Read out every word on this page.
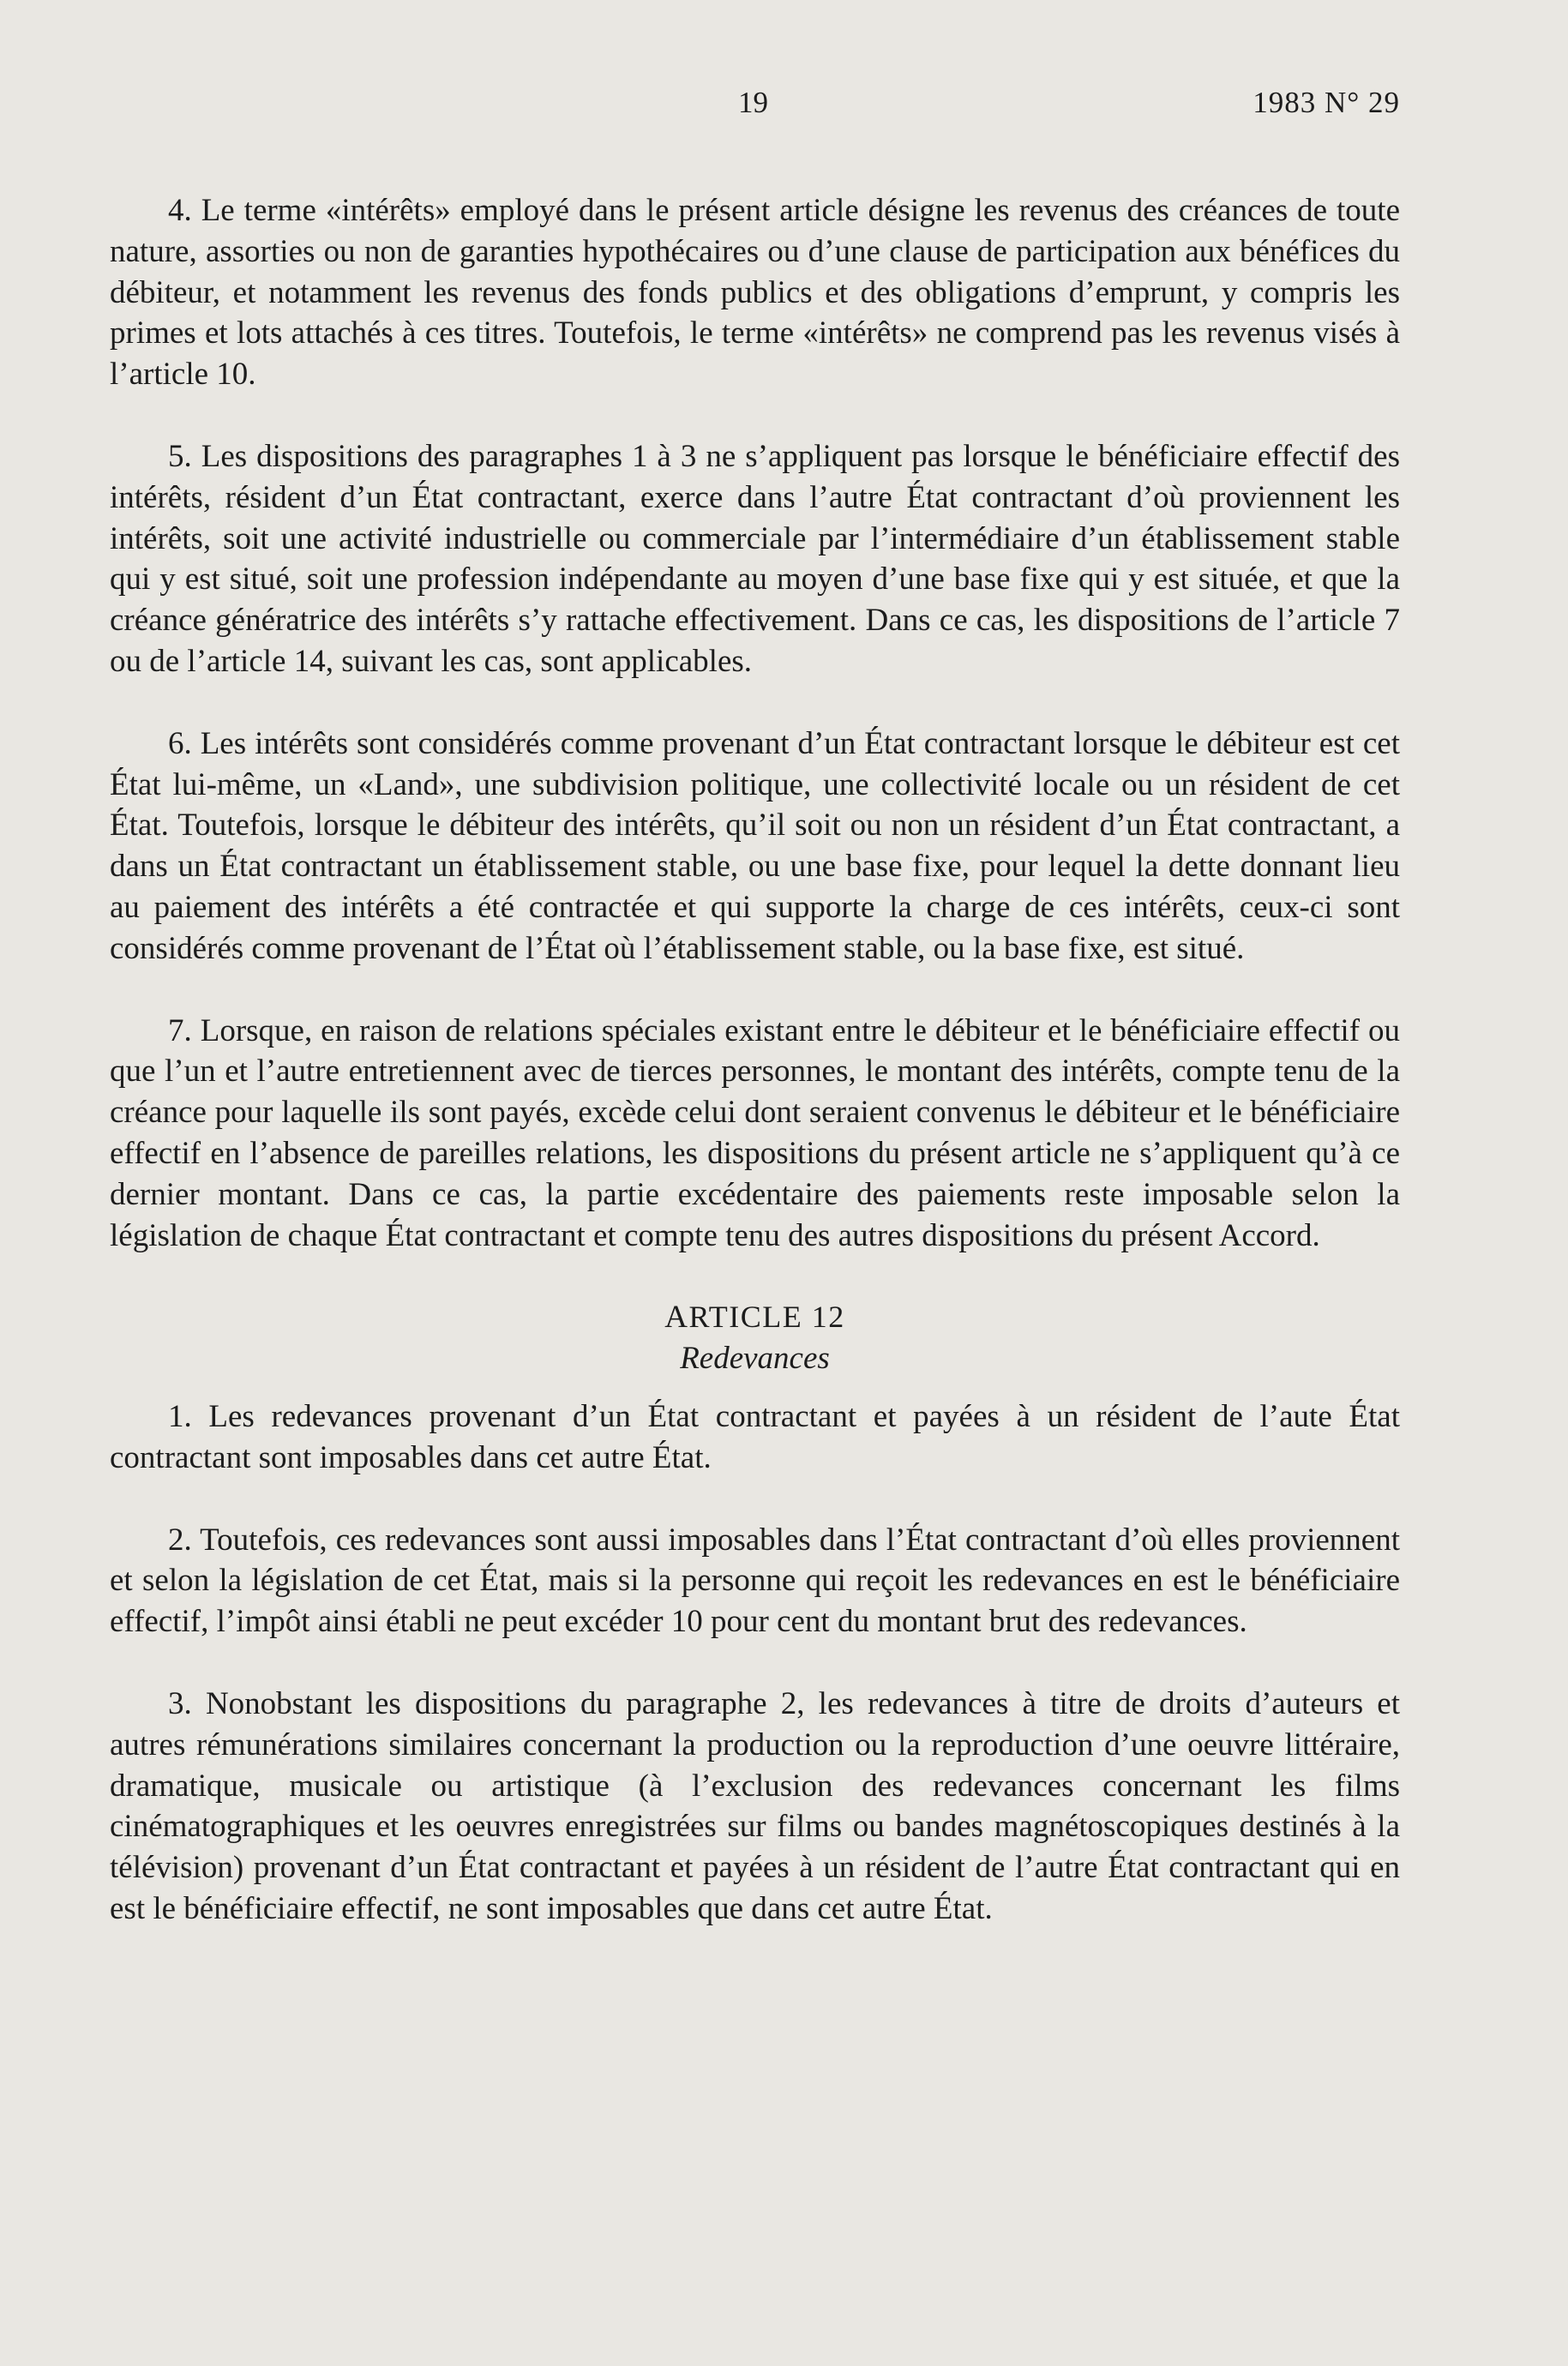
19	1983 N° 29

4. Le terme «intérêts» employé dans le présent article désigne les revenus des créances de toute nature, assorties ou non de garanties hypothécaires ou d’une clause de participation aux bénéfices du débiteur, et notamment les revenus des fonds publics et des obligations d’emprunt, y compris les primes et lots attachés à ces titres. Toutefois, le terme «intérêts» ne comprend pas les revenus visés à l’article 10.

5. Les dispositions des paragraphes 1 à 3 ne s’appliquent pas lorsque le bénéficiaire effectif des intérêts, résident d’un État contractant, exerce dans l’autre État contractant d’où proviennent les intérêts, soit une activité industrielle ou commerciale par l’intermédiaire d’un établissement stable qui y est situé, soit une profession indépendante au moyen d’une base fixe qui y est située, et que la créance génératrice des intérêts s’y rattache effectivement. Dans ce cas, les dispositions de l’article 7 ou de l’article 14, suivant les cas, sont applicables.

6. Les intérêts sont considérés comme provenant d’un État contractant lorsque le débiteur est cet État lui-même, un «Land», une subdivision politique, une collectivité locale ou un résident de cet État. Toutefois, lorsque le débiteur des intérêts, qu’il soit ou non un résident d’un État contractant, a dans un État contractant un établissement stable, ou une base fixe, pour lequel la dette donnant lieu au paiement des intérêts a été contractée et qui supporte la charge de ces intérêts, ceux-ci sont considérés comme provenant de l’État où l’établissement stable, ou la base fixe, est situé.

7. Lorsque, en raison de relations spéciales existant entre le débiteur et le bénéficiaire effectif ou que l’un et l’autre entretiennent avec de tierces personnes, le montant des intérêts, compte tenu de la créance pour laquelle ils sont payés, excède celui dont seraient convenus le débiteur et le bénéficiaire effectif en l’absence de pareilles relations, les dispositions du présent article ne s’appliquent qu’à ce dernier montant. Dans ce cas, la partie excédentaire des paiements reste imposable selon la législation de chaque État contractant et compte tenu des autres dispositions du présent Accord.

ARTICLE 12

Redevances

1. Les redevances provenant d’un État contractant et payées à un résident de l’aute État contractant sont imposables dans cet autre État.

2. Toutefois, ces redevances sont aussi imposables dans l’État contractant d’où elles proviennent et selon la législation de cet État, mais si la personne qui reçoit les redevances en est le bénéficiaire effectif, l’impôt ainsi établi ne peut excéder 10 pour cent du montant brut des redevances.

3. Nonobstant les dispositions du paragraphe 2, les redevances à titre de droits d’auteurs et autres rémunérations similaires concernant la production ou la reproduction d’une oeuvre littéraire, dramatique, musicale ou artistique (à l’exclusion des redevances concernant les films cinématographiques et les oeuvres enregistrées sur films ou bandes magnétoscopiques destinés à la télévision) provenant d’un État contractant et payées à un résident de l’autre État contractant qui en est le bénéficiaire effectif, ne sont imposables que dans cet autre État.
